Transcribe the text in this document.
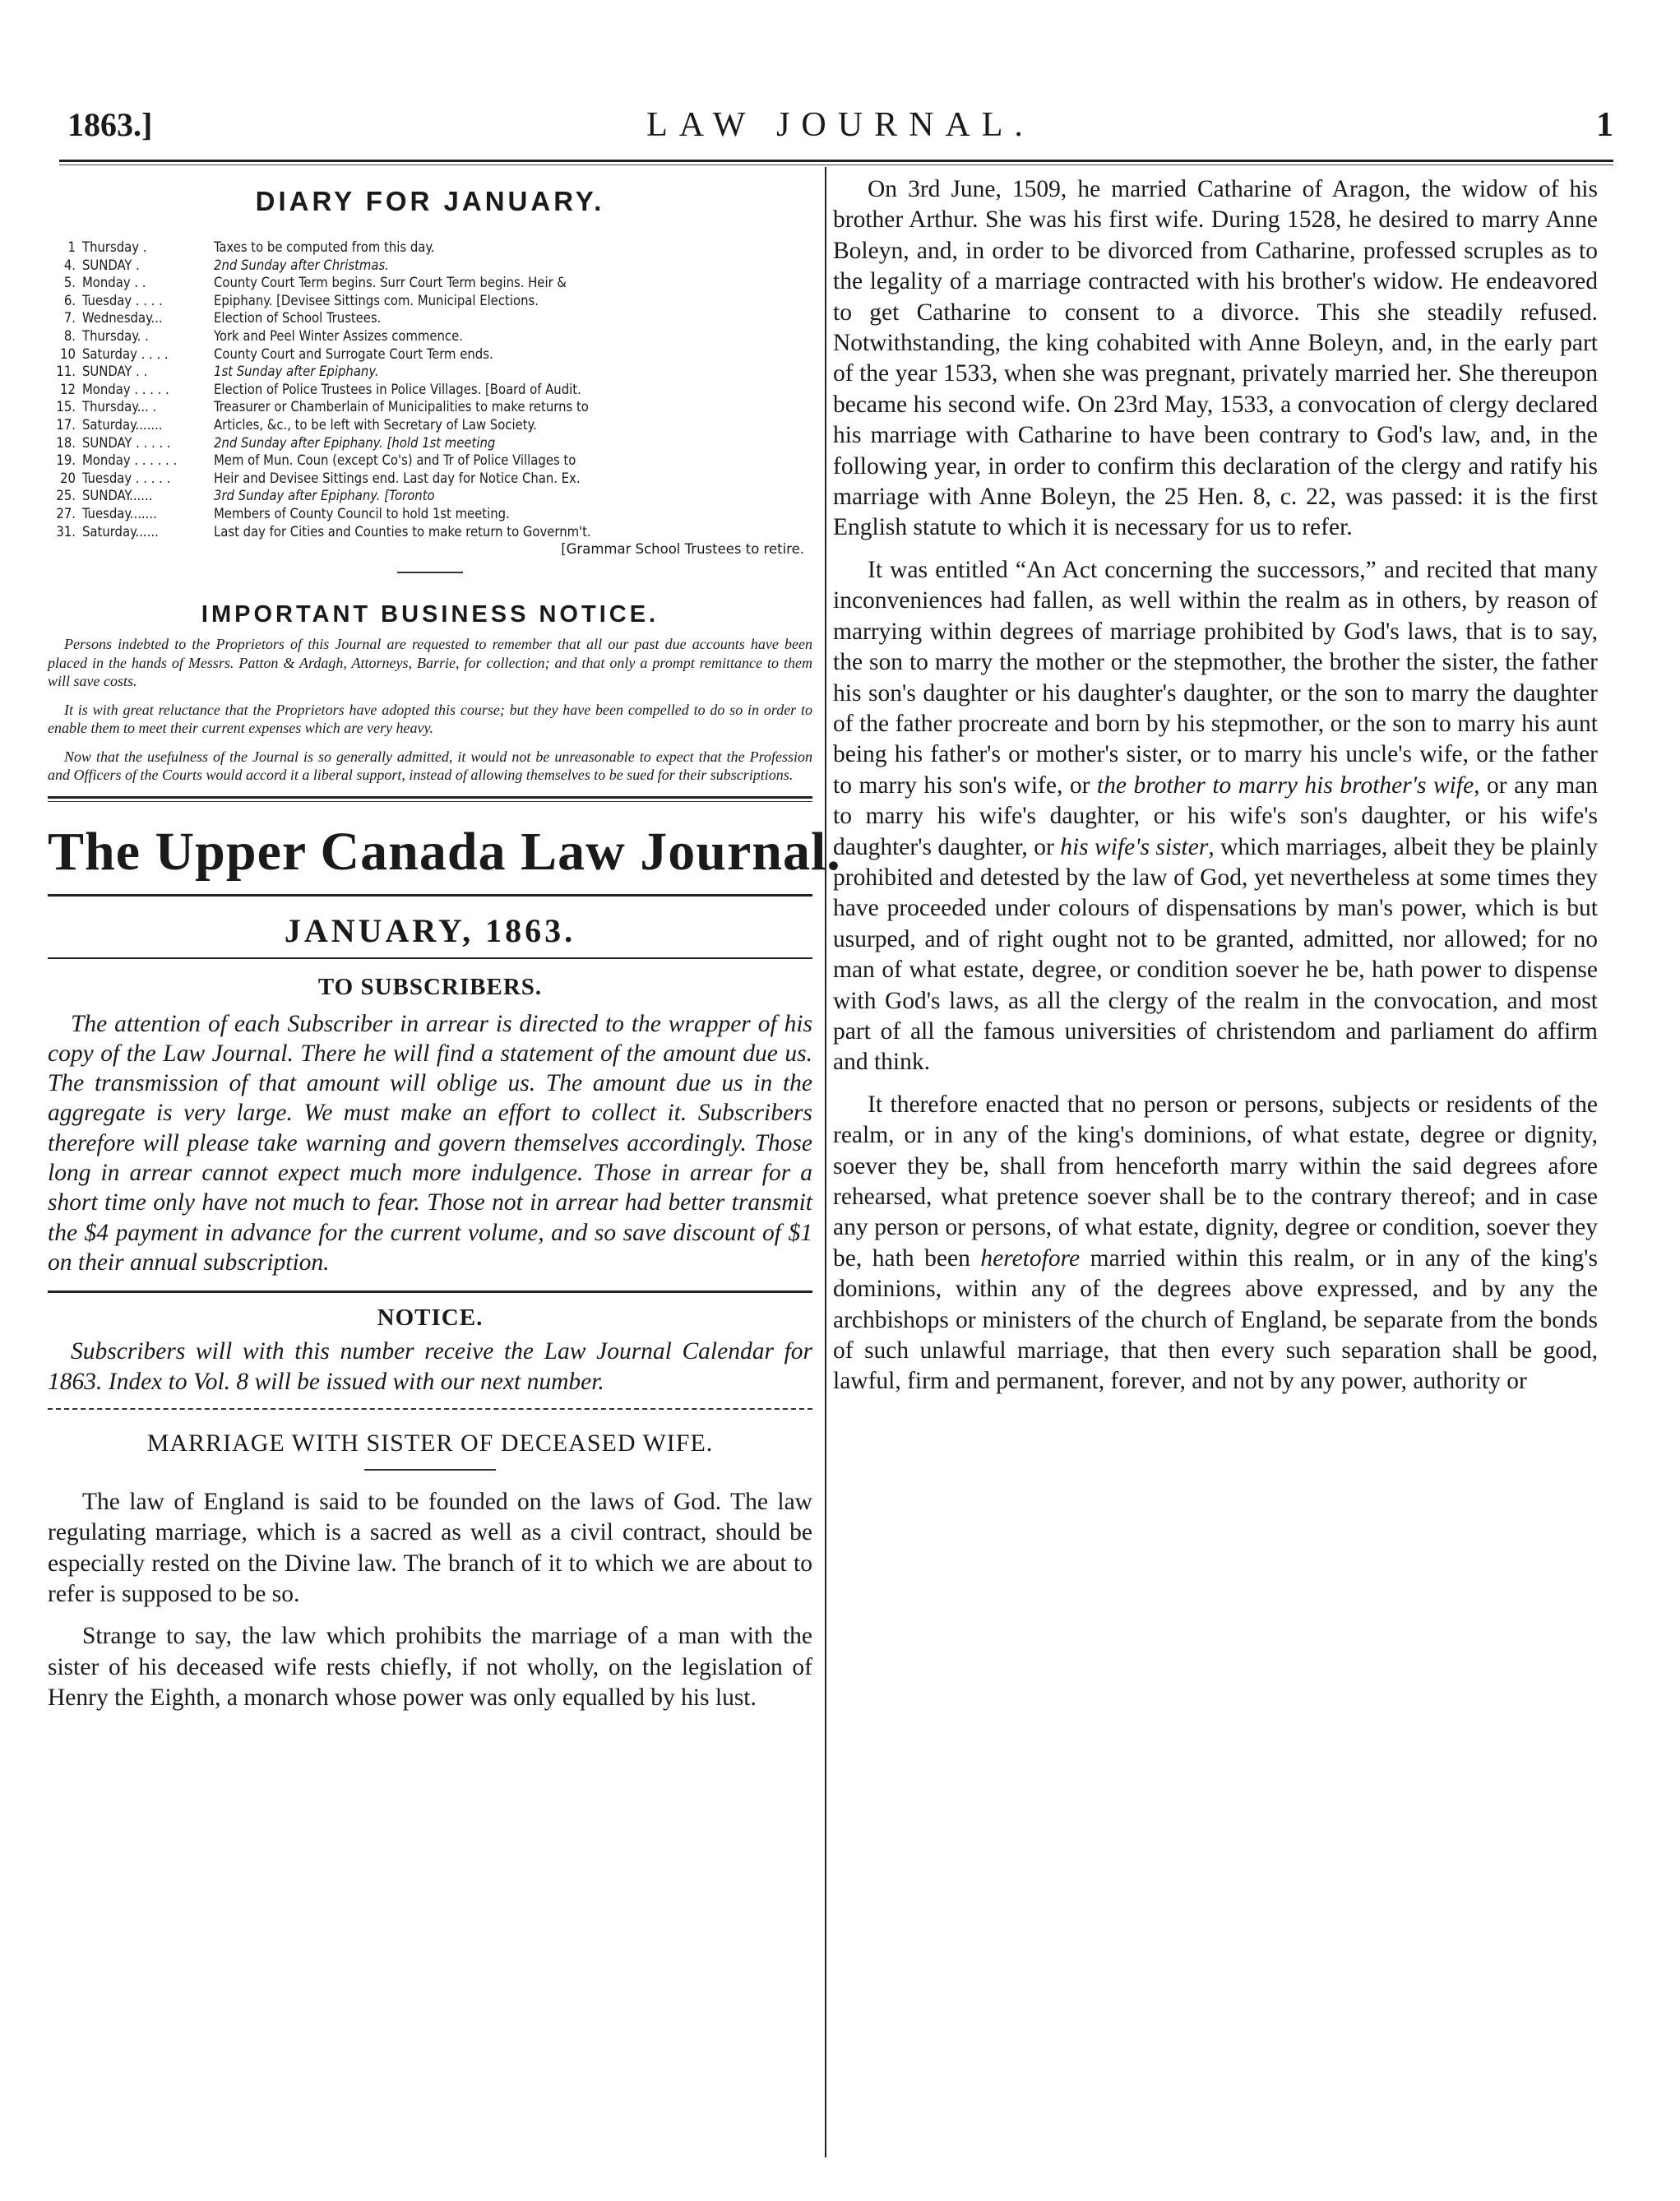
1863.]	LAW JOURNAL.	1
DIARY FOR JANUARY.
1 Thursday .	Taxes to be computed from this day.
4. SUNDAY .	2nd Sunday after Christmas.
5. Monday . .	County Court Term begins. Surr Court Term begins. Heir &
6. Tuesday . . . .	Epiphany. [Devisee Sittings com. Municipal Elections.
7. Wednesday...	Election of School Trustees.
8. Thursday. .	York and Peel Winter Assizes commence.
10 Saturday . . . .	County Court and Surrogate Court Term ends.
11. SUNDAY . .	1st Sunday after Epiphany.
12 Monday . . . . .	Election of Police Trustees in Police Villages. [Board of Audit.
15. Thursday... .	Treasurer or Chamberlain of Municipalities to make returns to
17. Saturday.......	Articles, &c., to be left with Secretary of Law Society.
18. SUNDAY . . . . .	2nd Sunday after Epiphany. [hold 1st meeting
19. Monday . . . . . .	Mem of Mun. Coun (except Co's) and Tr of Police Villages to
20 Tuesday . . . . .	Heir and Devisee Sittings end. Last day for Notice Chan. Ex.
25. SUNDAY......	3rd Sunday after Epiphany. [Toronto
27. Tuesday.......	Members of County Council to hold 1st meeting.
31. Saturday......	Last day for Cities and Counties to make return to Governm't.
[Grammar School Trustees to retire.
IMPORTANT BUSINESS NOTICE.

Persons indebted to the Proprietors of this Journal are requested to remember that all our past due accounts have been placed in the hands of Messrs. Patton & Ardagh, Attorneys, Barrie, for collection; and that only a prompt remittance to them will save costs.

It is with great reluctance that the Proprietors have adopted this course; but they have been compelled to do so in order to enable them to meet their current expenses which are very heavy.

Now that the usefulness of the Journal is so generally admitted, it would not be unreasonable to expect that the Profession and Officers of the Courts would accord it a liberal support, instead of allowing themselves to be sued for their subscriptions.

The Upper Canada Law Journal.
JANUARY, 1863.
TO SUBSCRIBERS.
The attention of each Subscriber in arrear is directed to the wrapper of his copy of the Law Journal. There he will find a statement of the amount due us. The transmission of that amount will oblige us. The amount due us in the aggregate is very large. We must make an effort to collect it. Subscribers therefore will please take warning and govern themselves accordingly. Those long in arrear cannot expect much more indulgence. Those in arrear for a short time only have not much to fear. Those not in arrear had better transmit the $4 payment in advance for the current volume, and so save discount of $1 on their annual subscription.
NOTICE.
Subscribers will with this number receive the Law Journal Calendar for 1863. Index to Vol. 8 will be issued with our next number.
MARRIAGE WITH SISTER OF DECEASED WIFE.

The law of England is said to be founded on the laws of God. The law regulating marriage, which is a sacred as well as a civil contract, should be especially rested on the Divine law. The branch of it to which we are about to refer is supposed to be so.

Strange to say, the law which prohibits the marriage of a man with the sister of his deceased wife rests chiefly, if not wholly, on the legislation of Henry the Eighth, a monarch whose power was only equalled by his lust.

On 3rd June, 1509, he married Catharine of Aragon, the widow of his brother Arthur. She was his first wife. During 1528, he desired to marry Anne Boleyn, and, in order to be divorced from Catharine, professed scruples as to the legality of a marriage contracted with his brother's widow. He endeavored to get Catharine to consent to a divorce. This she steadily refused. Notwithstanding, the king cohabited with Anne Boleyn, and, in the early part of the year 1533, when she was pregnant, privately married her. She thereupon became his second wife. On 23rd May, 1533, a convocation of clergy declared his marriage with Catharine to have been contrary to God's law, and, in the following year, in order to confirm this declaration of the clergy and ratify his marriage with Anne Boleyn, the 25 Hen. 8, c. 22, was passed: it is the first English statute to which it is necessary for us to refer.

It was entitled “An Act concerning the successors,” and recited that many inconveniences had fallen, as well within the realm as in others, by reason of marrying within degrees of marriage prohibited by God's laws, that is to say, the son to marry the mother or the stepmother, the brother the sister, the father his son's daughter or his daughter's daughter, or the son to marry the daughter of the father procreate and born by his stepmother, or the son to marry his aunt being his father's or mother's sister, or to marry his uncle's wife, or the father to marry his son's wife, or the brother to marry his brother's wife, or any man to marry his wife's daughter, or his wife's son's daughter, or his wife's daughter's daughter, or his wife's sister, which marriages, albeit they be plainly prohibited and detested by the law of God, yet nevertheless at some times they have proceeded under colours of dispensations by man's power, which is but usurped, and of right ought not to be granted, admitted, nor allowed; for no man of what estate, degree, or condition soever he be, hath power to dispense with God's laws, as all the clergy of the realm in the convocation, and most part of all the famous universities of christendom and parliament do affirm and think.

It therefore enacted that no person or persons, subjects or residents of the realm, or in any of the king's dominions, of what estate, degree or dignity, soever they be, shall from henceforth marry within the said degrees afore rehearsed, what pretence soever shall be to the contrary thereof; and in case any person or persons, of what estate, dignity, degree or condition, soever they be, hath been heretofore married within this realm, or in any of the king's dominions, within any of the degrees above expressed, and by any the archbishops or ministers of the church of England, be separate from the bonds of such unlawful marriage, that then every such separation shall be good, lawful, firm and permanent, forever, and not by any power, authority or
